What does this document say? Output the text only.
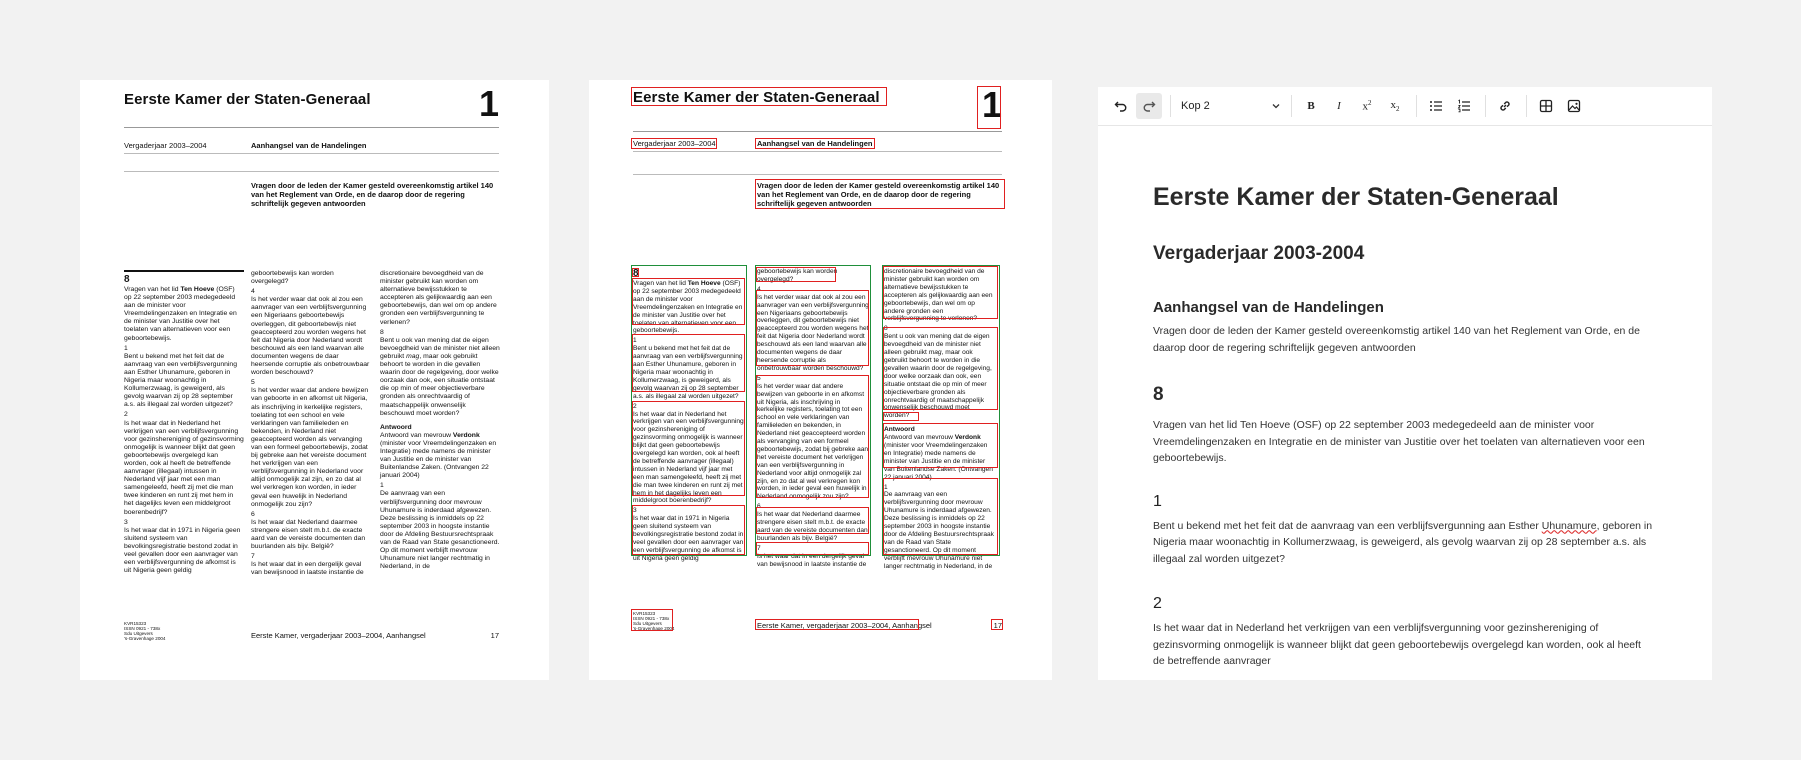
Eerste Kamer der Staten-Generaal	1
Vergaderjaar 2003–2004	Aanhangsel van de Handelingen
Vragen door de leden der Kamer gesteld overeenkomstig artikel 140 van het Reglement van Orde, en de daarop door de regering schriftelijk gegeven antwoorden

8

Vragen van het lid Ten Hoeve (OSF) op 22 september 2003 medegedeeld aan de minister voor Vreemdelingenzaken en Integratie en de minister van Justitie over het toelaten van alternatieven voor een geboortebewijs.

1

Bent u bekend met het feit dat de aanvraag van een verblijfsvergunning aan Esther Uhunamure, geboren in Nigeria maar woonachtig in Kollumerzwaag, is geweigerd, als gevolg waarvan zij op 28 september a.s. als illegaal zal worden uitgezet?

2

Is het waar dat in Nederland het verkrijgen van een verblijfsvergunning voor gezinshereniging of gezinsvorming onmogelijk is wanneer blijkt dat geen geboortebewijs overgelegd kan worden, ook al heeft de betreffende aanvrager (illegaal) intussen in Nederland vijf jaar met een man samengeleefd, heeft zij met die man twee kinderen en runt zij met hem in het dagelijks leven een middelgroot boerenbedrijf?

3

Is het waar dat in 1971 in Nigeria geen sluitend systeem van bevolkingsregistratie bestond zodat in veel gevallen door een aanvrager van een verblijfsvergunning de afkomst is uit Nigeria geen geldig

geboortebewijs kan worden overgelegd?

4

Is het verder waar dat ook al zou een aanvrager van een verblijfsvergunning een Nigeriaans geboortebewijs overleggen, dit geboortebewijs niet geaccepteerd zou worden wegens het feit dat Nigeria door Nederland wordt beschouwd als een land waarvan alle documenten wegens de daar heersende corruptie als onbetrouwbaar worden beschouwd?

5

Is het verder waar dat andere bewijzen van geboorte in en afkomst uit Nigeria, als inschrijving in kerkelijke registers, toelating tot een school en vele verklaringen van familieleden en bekenden, in Nederland niet geaccepteerd worden als vervanging van een formeel geboortebewijs, zodat bij gebreke aan het vereiste document het verkrijgen van een verblijfsvergunning in Nederland voor altijd onmogelijk zal zijn, en zo dat al wel verkregen kon worden, in ieder geval een huwelijk in Nederland onmogelijk zou zijn?

6

Is het waar dat Nederland daarmee strengere eisen stelt m.b.t. de exacte aard van de vereiste documenten dan buurlanden als bijv. België?

7

Is het waar dat in een dergelijk geval van bewijsnood in laatste instantie de

discretionaire bevoegdheid van de minister gebruikt kan worden om alternatieve bewijsstukken te accepteren als gelijkwaardig aan een geboortebewijs, dan wel om op andere gronden een verblijfsvergunning te verlenen?

8

Bent u ook van mening dat de eigen bevoegdheid van de minister niet alleen gebruikt mag, maar ook gebruikt behoort te worden in die gevallen waarin door de regelgeving, door welke oorzaak dan ook, een situatie ontstaat die op min of meer objectieverbare gronden als onrechtvaardig of maatschappelijk onwenselijk beschouwd moet worden?

Antwoord

Antwoord van mevrouw Verdonk (minister voor Vreemdelingenzaken en Integratie) mede namens de minister van Justitie en de minister van Buitenlandse Zaken. (Ontvangen 22 januari 2004)

1

De aanvraag van een verblijfsvergunning door mevrouw Uhunamure is inderdaad afgewezen. Deze beslissing is inmiddels op 22 september 2003 in hoogste instantie door de Afdeling Bestuursrechtspraak van de Raad van State gesanctioneerd. Op dit moment verblijft mevrouw Uhunamure niet langer rechtmatig in Nederland, in de

KVR15323
ISSN 0921 - 738x
Sdu Uitgevers
's-Gravenhage 2004	Eerste Kamer, vergaderjaar 2003–2004, Aanhangsel	17
Eerste Kamer der Staten-Generaal	1
Vergaderjaar 2003–2004	Aanhangsel van de Handelingen
Vragen door de leden der Kamer gesteld overeenkomstig artikel 140 van het Reglement van Orde, en de daarop door de regering schriftelijk gegeven antwoorden

8

Vragen van het lid Ten Hoeve (OSF) op 22 september 2003 medegedeeld aan de minister voor Vreemdelingenzaken en Integratie en de minister van Justitie over het toelaten van alternatieven voor een geboortebewijs.

1

Bent u bekend met het feit dat de aanvraag van een verblijfsvergunning aan Esther Uhunamure, geboren in Nigeria maar woonachtig in Kollumerzwaag, is geweigerd, als gevolg waarvan zij op 28 september a.s. als illegaal zal worden uitgezet?

2

Is het waar dat in Nederland het verkrijgen van een verblijfsvergunning voor gezinshereniging of gezinsvorming onmogelijk is wanneer blijkt dat geen geboortebewijs overgelegd kan worden, ook al heeft de betreffende aanvrager (illegaal) intussen in Nederland vijf jaar met een man samengeleefd, heeft zij met die man twee kinderen en runt zij met hem in het dagelijks leven een middelgroot boerenbedrijf?

3

Is het waar dat in 1971 in Nigeria geen sluitend systeem van bevolkingsregistratie bestond zodat in veel gevallen door een aanvrager van een verblijfsvergunning de afkomst is uit Nigeria geen geldig

geboortebewijs kan worden overgelegd?

4

Is het verder waar dat ook al zou een aanvrager van een verblijfsvergunning een Nigeriaans geboortebewijs overleggen, dit geboortebewijs niet geaccepteerd zou worden wegens het feit dat Nigeria door Nederland wordt beschouwd als een land waarvan alle documenten wegens de daar heersende corruptie als onbetrouwbaar worden beschouwd?

5

Is het verder waar dat andere bewijzen van geboorte in en afkomst uit Nigeria, als inschrijving in kerkelijke registers, toelating tot een school en vele verklaringen van familieleden en bekenden, in Nederland niet geaccepteerd worden als vervanging van een formeel geboortebewijs, zodat bij gebreke aan het vereiste document het verkrijgen van een verblijfsvergunning in Nederland voor altijd onmogelijk zal zijn, en zo dat al wel verkregen kon worden, in ieder geval een huwelijk in Nederland onmogelijk zou zijn?

6

Is het waar dat Nederland daarmee strengere eisen stelt m.b.t. de exacte aard van de vereiste documenten dan buurlanden als bijv. België?

7

Is het waar dat in een dergelijk geval van bewijsnood in laatste instantie de

discretionaire bevoegdheid van de minister gebruikt kan worden om alternatieve bewijsstukken te accepteren als gelijkwaardig aan een geboortebewijs, dan wel om op andere gronden een verblijfsvergunning te verlenen?

8

Bent u ook van mening dat de eigen bevoegdheid van de minister niet alleen gebruikt mag, maar ook gebruikt behoort te worden in die gevallen waarin door de regelgeving, door welke oorzaak dan ook, een situatie ontstaat die op min of meer objectieverbare gronden als onrechtvaardig of maatschappelijk onwenselijk beschouwd moet worden?

Antwoord

Antwoord van mevrouw Verdonk (minister voor Vreemdelingenzaken en Integratie) mede namens de minister van Justitie en de minister van Buitenlandse Zaken. (Ontvangen 22 januari 2004)

1

De aanvraag van een verblijfsvergunning door mevrouw Uhunamure is inderdaad afgewezen. Deze beslissing is inmiddels op 22 september 2003 in hoogste instantie door de Afdeling Bestuursrechtspraak van de Raad van State gesanctioneerd. Op dit moment verblijft mevrouw Uhunamure niet langer rechtmatig in Nederland, in de

KVR15323
ISSN 0921 - 738x
Sdu Uitgevers
's-Gravenhage 2004	Eerste Kamer, vergaderjaar 2003–2004, Aanhangsel	17
Kop 2	B I $x^2$ $x_2$
Eerste Kamer der Staten-Generaal
Vergaderjaar 2003-2004
Aanhangsel van de Handelingen

Vragen door de leden der Kamer gesteld overeenkomstig artikel 140 van het Reglement van Orde, en de daarop door de regering schriftelijk gegeven antwoorden

8

Vragen van het lid Ten Hoeve (OSF) op 22 september 2003 medegedeeld aan de minister voor Vreemdelingenzaken en Integratie en de minister van Justitie over het toelaten van alternatieven voor een geboortebewijs.

1

Bent u bekend met het feit dat de aanvraag van een verblijfsvergunning aan Esther Uhunamure, geboren in Nigeria maar woonachtig in Kollumerzwaag, is geweigerd, als gevolg waarvan zij op 28 september a.s. als illegaal zal worden uitgezet?

2

Is het waar dat in Nederland het verkrijgen van een verblijfsvergunning voor gezinshereniging of gezinsvorming onmogelijk is wanneer blijkt dat geen geboortebewijs overgelegd kan worden, ook al heeft de betreffende aanvrager
